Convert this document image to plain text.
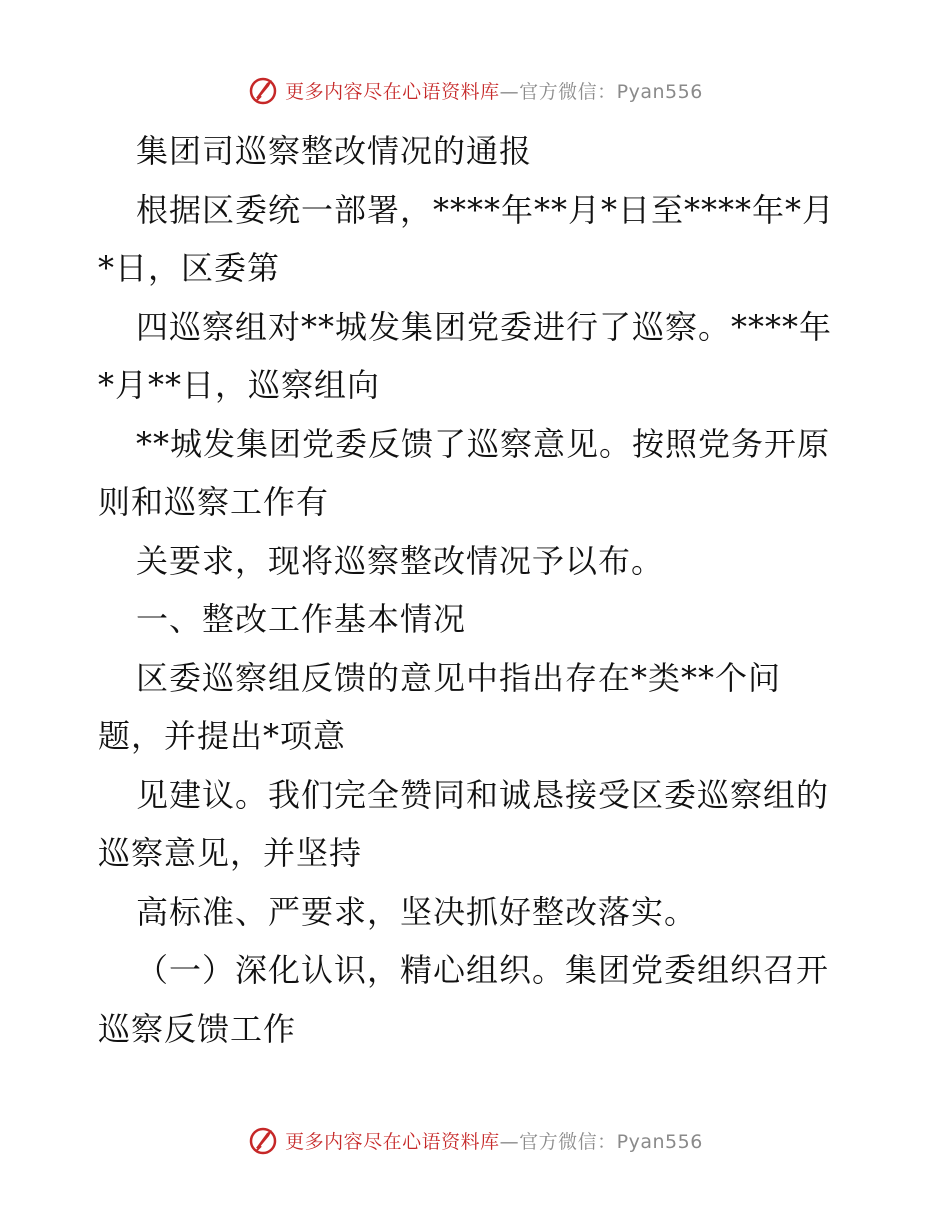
更多内容尽在心语资料库—官方微信：Pyan556
集团司巡察整改情况的通报
根据区委统一部署，****年**月*日至****年*月
*日，区委第
四巡察组对**城发集团党委进行了巡察。****年
*月**日，巡察组向
**城发集团党委反馈了巡察意见。按照党务开原
则和巡察工作有
关要求，现将巡察整改情况予以布。
一、整改工作基本情况
区委巡察组反馈的意见中指出存在*类**个问
题，并提出*项意
见建议。我们完全赞同和诚恳接受区委巡察组的
巡察意见，并坚持
高标准、严要求，坚决抓好整改落实。
（一）深化认识，精心组织。集团党委组织召开
巡察反馈工作
更多内容尽在心语资料库—官方微信：Pyan556
